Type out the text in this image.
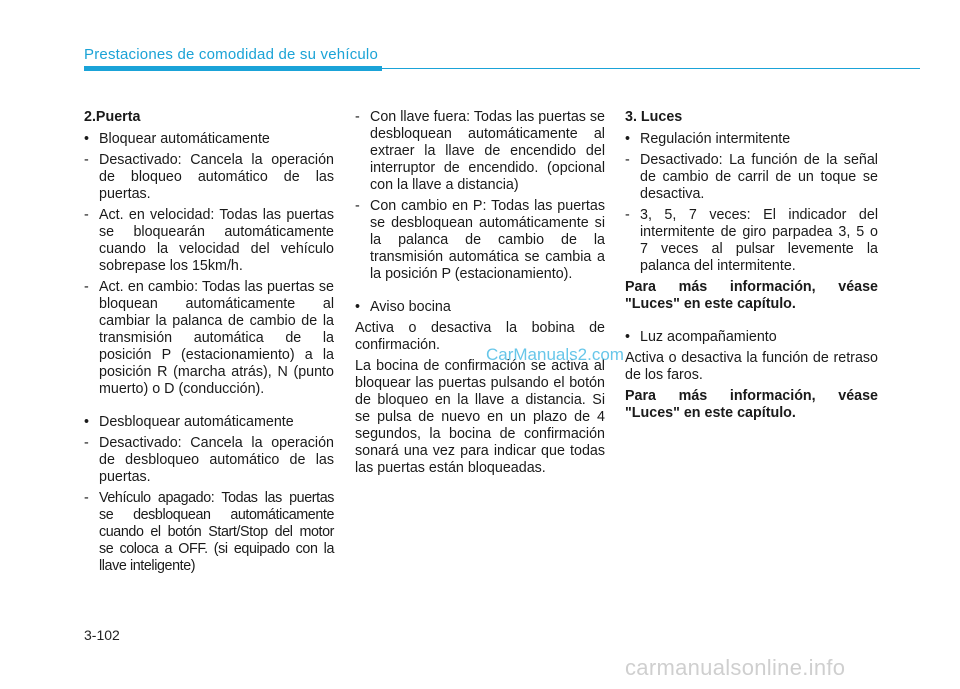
Prestaciones de comodidad de su vehículo

2.Puerta

• Bloquear automáticamente

- Desactivado: Cancela la operación de bloqueo automático de las puertas.

- Act. en velocidad: Todas las puertas se bloquearán automáticamente cuando la velocidad del vehículo sobrepase los 15km/h.

- Act. en cambio: Todas las puertas se bloquean automáticamente al cambiar la palanca de cambio de la transmisión automática de la posición P (estacionamiento) a la posición R (marcha atrás), N (punto muerto) o D (conducción).

• Desbloquear automáticamente

- Desactivado: Cancela la operación de desbloqueo automático de las puertas.

- Vehículo apagado: Todas las puertas se desbloquean automáticamente cuando el botón Start/Stop del motor se coloca a OFF. (si equipado con la llave inteligente)

- Con llave fuera: Todas las puertas se desbloquean automáticamente al extraer la llave de encendido del interruptor de encendido. (opcional con la llave a distancia)

- Con cambio en P: Todas las puertas se desbloquean automáticamente si la palanca de cambio de la transmisión automática se cambia a la posición P (estacionamiento).

• Aviso bocina

Activa o desactiva la bobina de confirmación.

La bocina de confirmación se activa al bloquear las puertas pulsando el botón de bloqueo en la llave a distancia. Si se pulsa de nuevo en un plazo de 4 segundos, la bocina de confirmación sonará una vez para indicar que todas las puertas están bloqueadas.

3. Luces

• Regulación intermitente

- Desactivado: La función de la señal de cambio de carril de un toque se desactiva.

- 3, 5, 7 veces: El indicador del intermitente de giro parpadea 3, 5 o 7 veces al pulsar levemente la palanca del intermitente.

Para más información, véase "Luces" en este capítulo.

• Luz acompañamiento

Activa o desactiva la función de retraso de los faros.

Para más información, véase "Luces" en este capítulo.

CarManuals2.com
3-102
carmanualsonline.info
